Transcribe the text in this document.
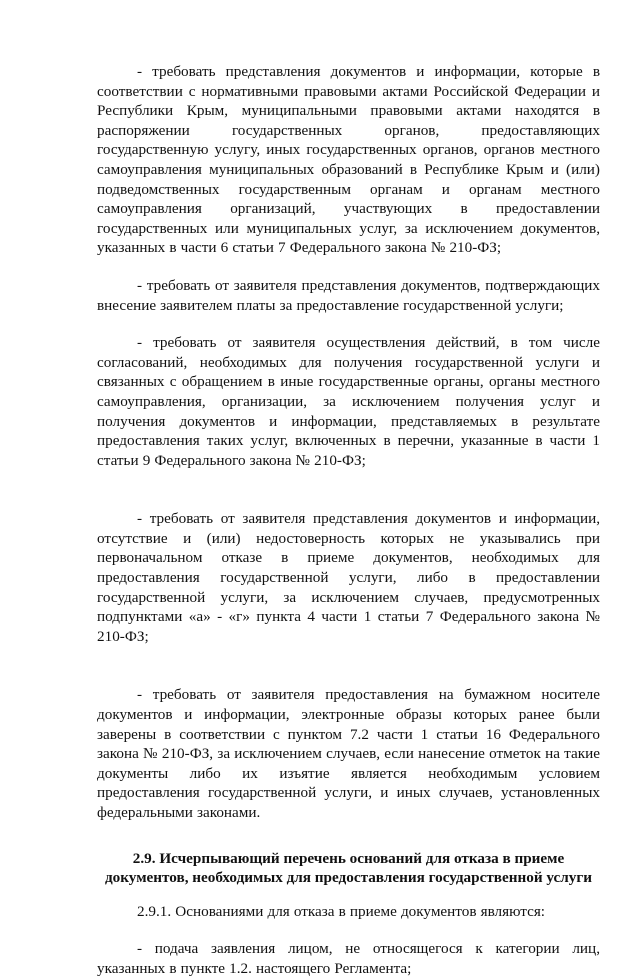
- требовать представления документов и информации, которые в соответствии с нормативными правовыми актами Российской Федерации и Республики Крым, муниципальными правовыми актами находятся в распоряжении государственных органов, предоставляющих государственную услугу, иных государственных органов, органов местного самоуправления муниципальных образований в Республике Крым и (или) подведомственных государственным органам и органам местного самоуправления организаций, участвующих в предоставлении государственных или муниципальных услуг, за исключением документов, указанных в части 6 статьи 7 Федерального закона № 210-ФЗ;

- требовать от заявителя представления документов, подтверждающих внесение заявителем платы за предоставление государственной услуги;

- требовать от заявителя осуществления действий, в том числе согласований, необходимых для получения государственной услуги и связанных с обращением в иные государственные органы, органы местного самоуправления, организации, за исключением получения услуг и получения документов и информации, представляемых в результате предоставления таких услуг, включенных в перечни, указанные в части 1 статьи 9 Федерального закона № 210-ФЗ;

- требовать от заявителя представления документов и информации, отсутствие и (или) недостоверность которых не указывались при первоначальном отказе в приеме документов, необходимых для предоставления государственной услуги, либо в предоставлении государственной услуги, за исключением случаев, предусмотренных подпунктами «а» - «г» пункта 4 части 1 статьи 7 Федерального закона № 210-ФЗ;

- требовать от заявителя предоставления на бумажном носителе документов и информации, электронные образы которых ранее были заверены в соответствии с пунктом 7.2 части 1 статьи 16 Федерального закона № 210-ФЗ, за исключением случаев, если нанесение отметок на такие документы либо их изъятие является необходимым условием предоставления государственной услуги, и иных случаев, установленных федеральными законами.

2.9. Исчерпывающий перечень оснований для отказа в приеме документов, необходимых для предоставления государственной услуги

2.9.1. Основаниями для отказа в приеме документов являются:

- подача заявления лицом, не относящегося к категории лиц, указанных в пункте 1.2. настоящего Регламента;
